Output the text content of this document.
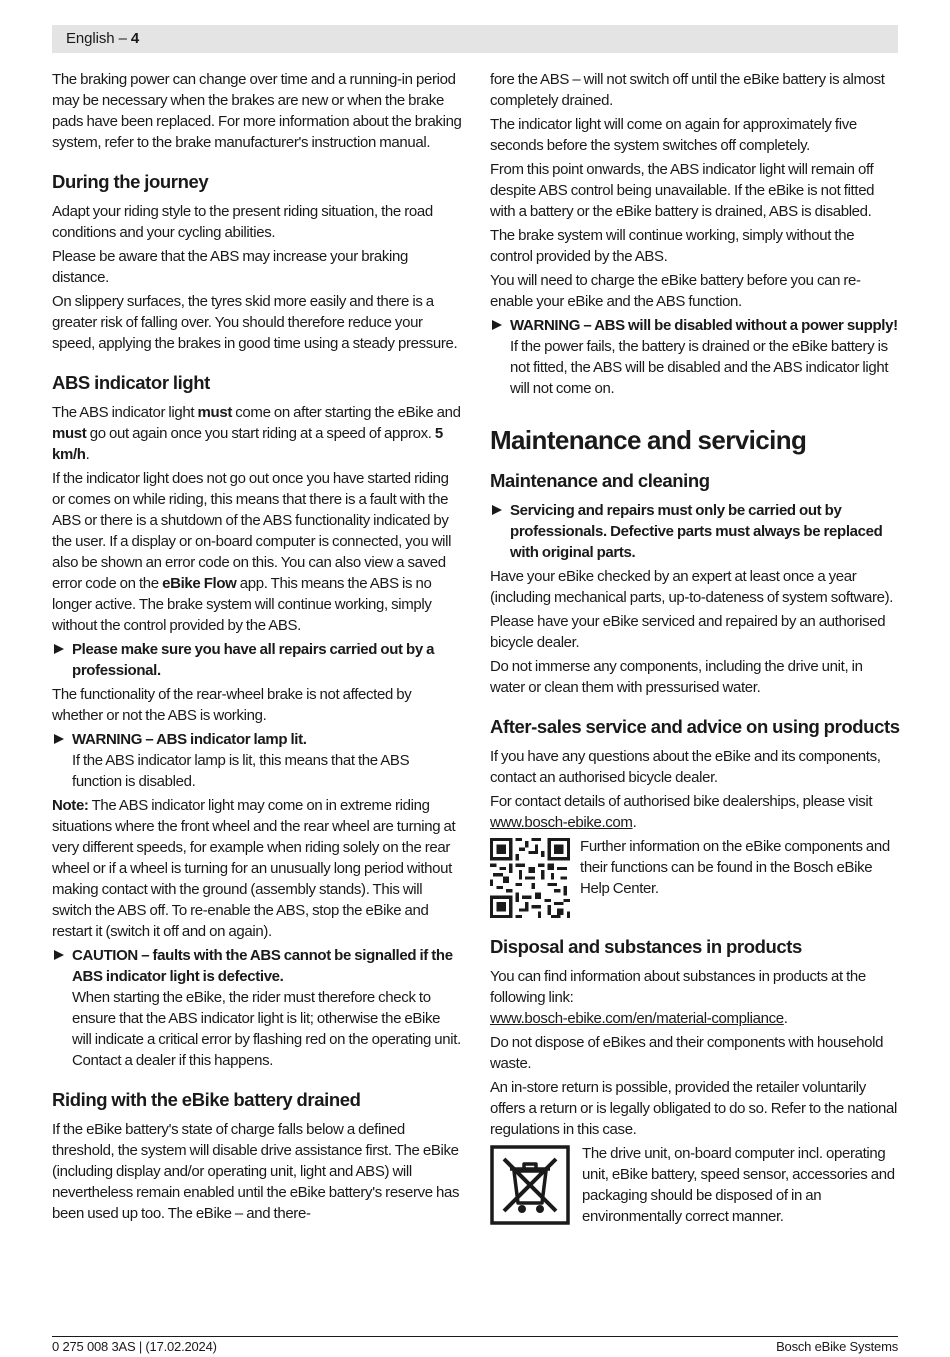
English – 4

The braking power can change over time and a running-in period may be necessary when the brakes are new or when the brake pads have been replaced. For more information about the braking system, refer to the brake manufacturer's instruction manual.

During the journey

Adapt your riding style to the present riding situation, the road conditions and your cycling abilities.

Please be aware that the ABS may increase your braking distance.

On slippery surfaces, the tyres skid more easily and there is a greater risk of falling over. You should therefore reduce your speed, applying the brakes in good time using a steady pressure.

ABS indicator light

The ABS indicator light must come on after starting the eBike and must go out again once you start riding at a speed of approx. 5 km/h.

If the indicator light does not go out once you have started riding or comes on while riding, this means that there is a fault with the ABS or there is a shutdown of the ABS functionality indicated by the user. If a display or on-board computer is connected, you will also be shown an error code on this. You can also view a saved error code on the eBike Flow app. This means the ABS is no longer active. The brake system will continue working, simply without the control provided by the ABS.

Please make sure you have all repairs carried out by a professional.

The functionality of the rear-wheel brake is not affected by whether or not the ABS is working.

WARNING – ABS indicator lamp lit.
If the ABS indicator lamp is lit, this means that the ABS function is disabled.

Note: The ABS indicator light may come on in extreme riding situations where the front wheel and the rear wheel are turning at very different speeds, for example when riding solely on the rear wheel or if a wheel is turning for an unusually long period without making contact with the ground (assembly stands). This will switch the ABS off. To re-enable the ABS, stop the eBike and restart it (switch it off and on again).

CAUTION – faults with the ABS cannot be signalled if the ABS indicator light is defective.
When starting the eBike, the rider must therefore check to ensure that the ABS indicator light is lit; otherwise the eBike will indicate a critical error by flashing red on the operating unit. Contact a dealer if this happens.
Riding with the eBike battery drained

If the eBike battery's state of charge falls below a defined threshold, the system will disable drive assistance first. The eBike (including display and/or operating unit, light and ABS) will nevertheless remain enabled until the eBike battery's reserve has been used up too. The eBike – and there-

fore the ABS – will not switch off until the eBike battery is almost completely drained.

The indicator light will come on again for approximately five seconds before the system switches off completely.

From this point onwards, the ABS indicator light will remain off despite ABS control being unavailable. If the eBike is not fitted with a battery or the eBike battery is drained, ABS is disabled.

The brake system will continue working, simply without the control provided by the ABS.

You will need to charge the eBike battery before you can re-enable your eBike and the ABS function.

WARNING – ABS will be disabled without a power supply!
If the power fails, the battery is drained or the eBike battery is not fitted, the ABS will be disabled and the ABS indicator light will not come on.
Maintenance and servicing
Maintenance and cleaning
Servicing and repairs must only be carried out by professionals. Defective parts must always be replaced with original parts.

Have your eBike checked by an expert at least once a year (including mechanical parts, up-to-dateness of system software).

Please have your eBike serviced and repaired by an authorised bicycle dealer.

Do not immerse any components, including the drive unit, in water or clean them with pressurised water.

After-sales service and advice on using products

If you have any questions about the eBike and its components, contact an authorised bicycle dealer.

For contact details of authorised bike dealerships, please visit www.bosch-ebike.com.

Further information on the eBike components and their functions can be found in the Bosch eBike Help Center.
Disposal and substances in products

You can find information about substances in products at the following link:
www.bosch-ebike.com/en/material-compliance.

Do not dispose of eBikes and their components with household waste.

An in-store return is possible, provided the retailer voluntarily offers a return or is legally obligated to do so. Refer to the national regulations in this case.

The drive unit, on-board computer incl. operating unit, eBike battery, speed sensor, accessories and packaging should be disposed of in an environmentally correct manner.
0 275 008 3AS | (17.02.2024)	Bosch eBike Systems
